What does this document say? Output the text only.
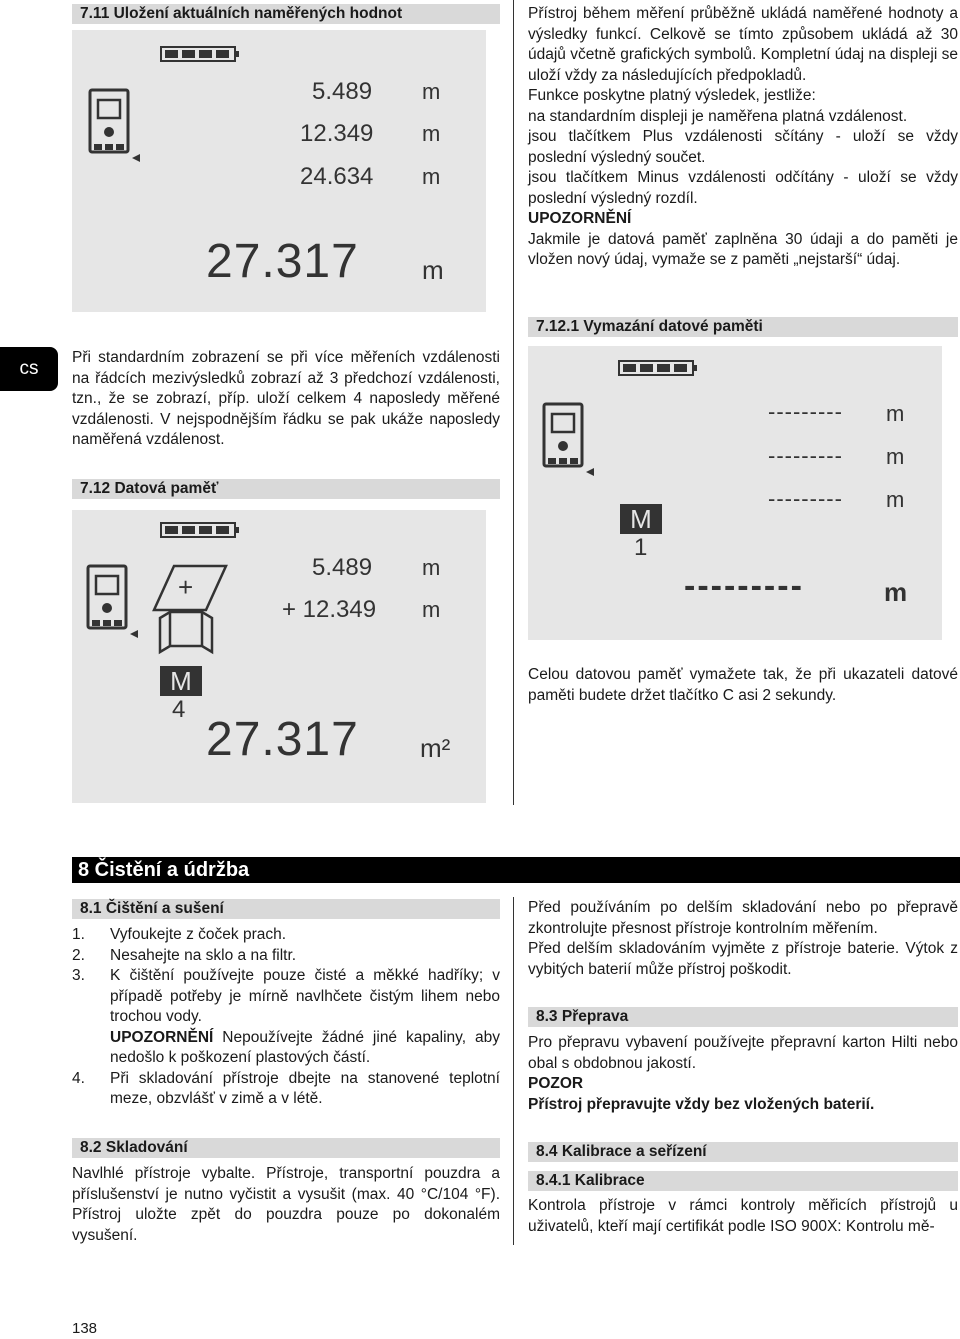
cs
7.11 Uložení aktuálních naměřených hodnot
5.489
12.349
24.634
m
m
m
27.317 m

Přístroj během měření průběžně ukládá naměřené hodnoty a výsledky funkcí. Celkově se tímto způsobem ukládá až 30 údajů včetně grafických symbolů. Kompletní údaj na displeji se uloží vždy za následujících předpokladů.

Funkce poskytne platný výsledek, jestliže:

na standardním displeji je naměřena platná vzdálenost.

jsou tlačítkem Plus vzdálenosti sčítány - uloží se vždy poslední výsledný součet.

jsou tlačítkem Minus vzdálenosti odčítány - uloží se vždy poslední výsledný rozdíl.

UPOZORNĚNÍ

Jakmile je datová paměť zaplněna 30 údaji a do paměti je vložen nový údaj, vymaže se z paměti „nejstarší“ údaj.

Při standardním zobrazení se při více měřeních vzdálenosti na řádcích mezivýsledků zobrazí až 3 předchozí vzdálenosti, tzn., že se zobrazí, příp. uloží celkem 4 naposledy měřené vzdálenosti. V nejspodnějším řádku se pak ukáže naposledy naměřená vzdálenost.
7.12 Datová paměť
+
5.489
+ 12.349
m
m
M
4
27.317 m²
7.12.1 Vymazání datové paměti
---------
---------
---------
m
m
m
M
1
---------	m
Celou datovou paměť vymažete tak, že při ukazateli datové paměti budete držet tlačítko C asi 2 sekundy.
8 Čistění a údržba
8.1 Čištění a sušení
1. Vyfoukejte z čoček prach.
2. Nesahejte na sklo a na filtr.
3. K čištění používejte pouze čisté a měkké hadříky; v případě potřeby je mírně navlhčete čistým lihem nebo trochou vody.
UPOZORNĚNÍ Nepoužívejte žádné jiné kapaliny, aby nedošlo k poškození plastových částí.
4. Při skladování přístroje dbejte na stanovené teplotní meze, obzvlášť v zimě a v létě.
8.2 Skladování
Navlhlé přístroje vybalte. Přístroje, transportní pouzdra a příslušenství je nutno vyčistit a vysušit (max. 40 °C/104 °F). Přístroj uložte zpět do pouzdra pouze po dokonalém vysušení.

Před používáním po delším skladování nebo po přepravě zkontrolujte přesnost přístroje kontrolním měřením.

Před delším skladováním vyjměte z přístroje baterie. Výtok z vybitých baterií může přístroj poškodit.

8.3 Přeprava

Pro přepravu vybavení používejte přepravní karton Hilti nebo obal s obdobnou jakostí.

POZOR

Přístroj přepravujte vždy bez vložených baterií.

8.4 Kalibrace a seřízení
8.4.1 Kalibrace
Kontrola přístroje v rámci kontroly měřicích přístrojů u uživatelů, kteří mají certifikát podle ISO 900X: Kontrolu mě-
138
